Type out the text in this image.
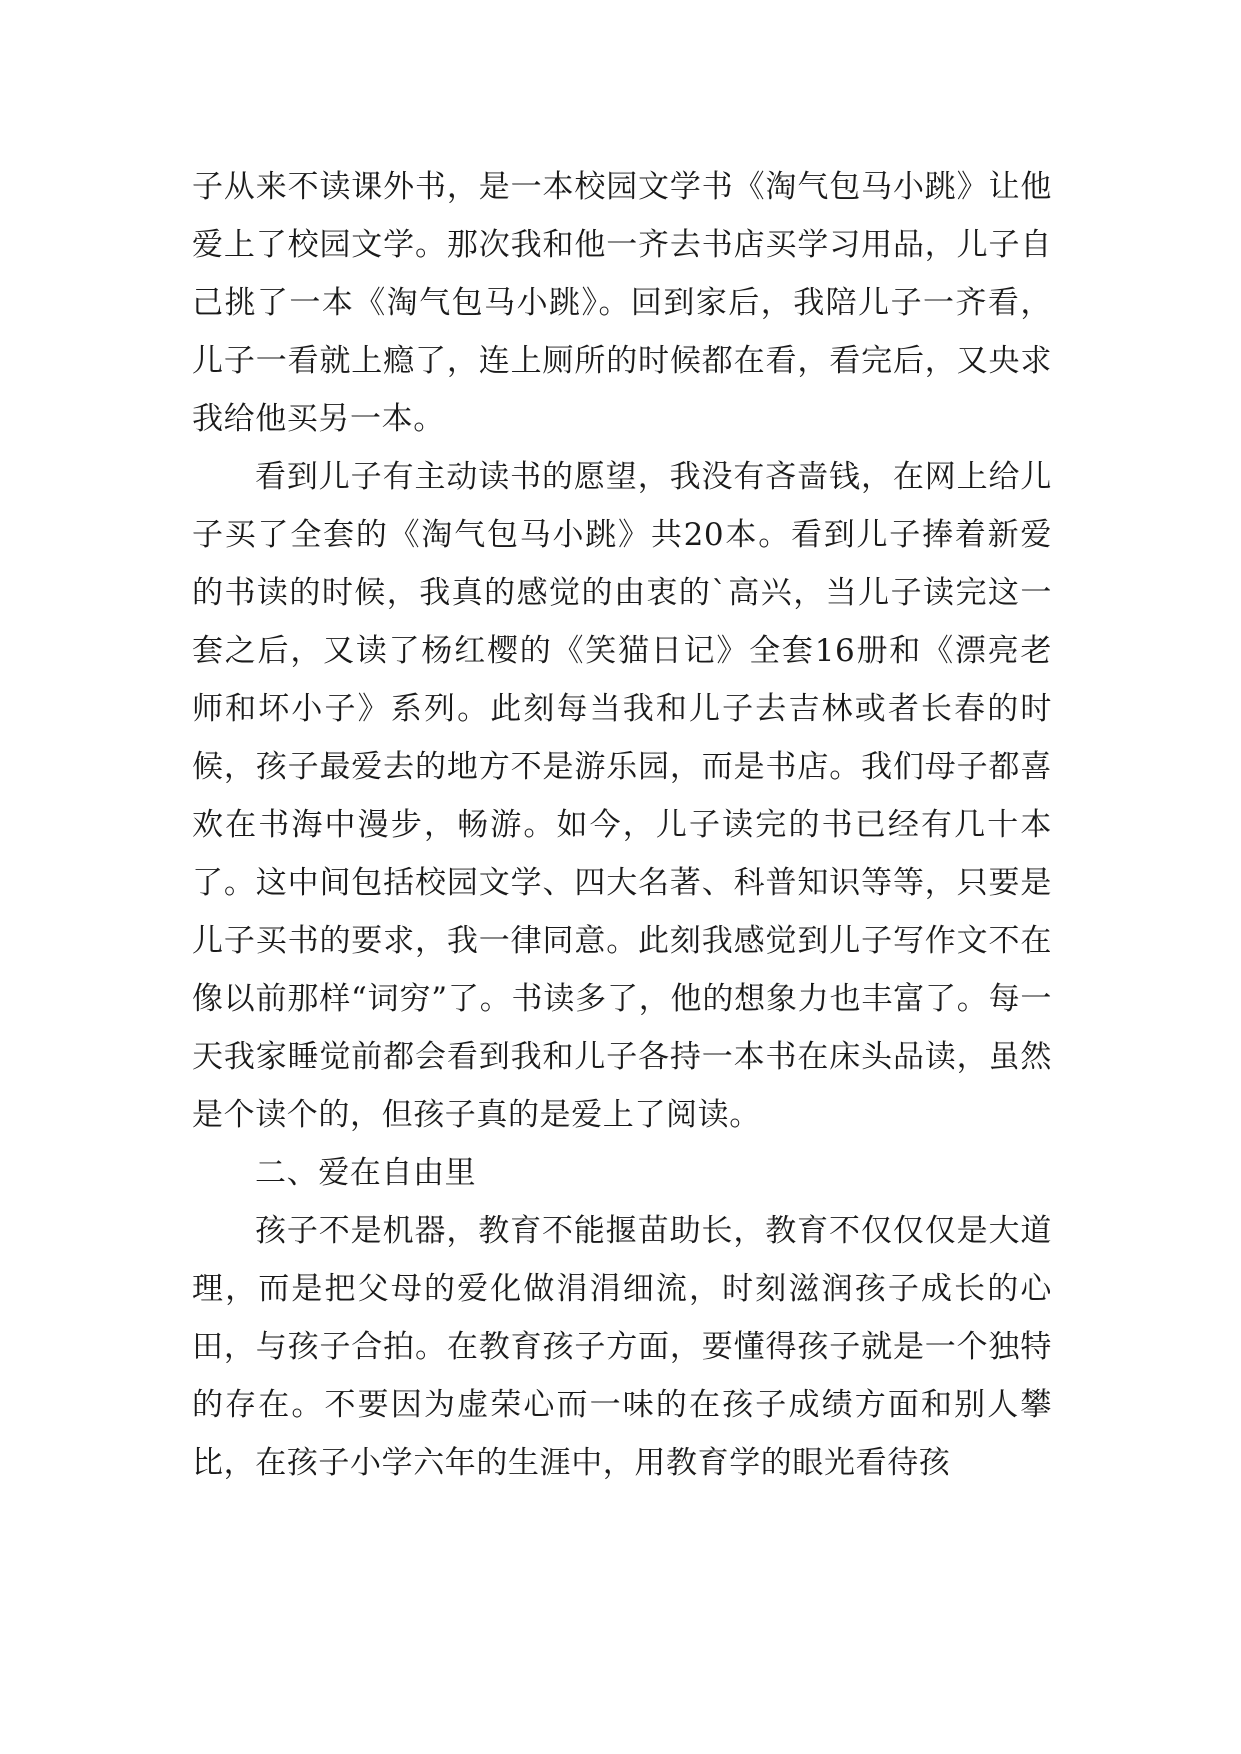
子从来不读课外书，是一本校园文学书《淘气包马小跳》让他爱上了校园文学。那次我和他一齐去书店买学习用品，儿子自己挑了一本《淘气包马小跳》。回到家后，我陪儿子一齐看，儿子一看就上瘾了，连上厕所的时候都在看，看完后，又央求我给他买另一本。

看到儿子有主动读书的愿望，我没有吝啬钱，在网上给儿子买了全套的《淘气包马小跳》共20本。看到儿子捧着新爱的书读的时候，我真的感觉的由衷的`高兴，当儿子读完这一套之后，又读了杨红樱的《笑猫日记》全套16册和《漂亮老师和坏小子》系列。此刻每当我和儿子去吉林或者长春的时候，孩子最爱去的地方不是游乐园，而是书店。我们母子都喜欢在书海中漫步，畅游。如今，儿子读完的书已经有几十本了。这中间包括校园文学、四大名著、科普知识等等，只要是儿子买书的要求，我一律同意。此刻我感觉到儿子写作文不在像以前那样“词穷”了。书读多了，他的想象力也丰富了。每一天我家睡觉前都会看到我和儿子各持一本书在床头品读，虽然是个读个的，但孩子真的是爱上了阅读。

二、爱在自由里

孩子不是机器，教育不能揠苗助长，教育不仅仅仅是大道理，而是把父母的爱化做涓涓细流，时刻滋润孩子成长的心田，与孩子合拍。在教育孩子方面，要懂得孩子就是一个独特的存在。不要因为虚荣心而一味的在孩子成绩方面和别人攀比，在孩子小学六年的生涯中，用教育学的眼光看待孩
